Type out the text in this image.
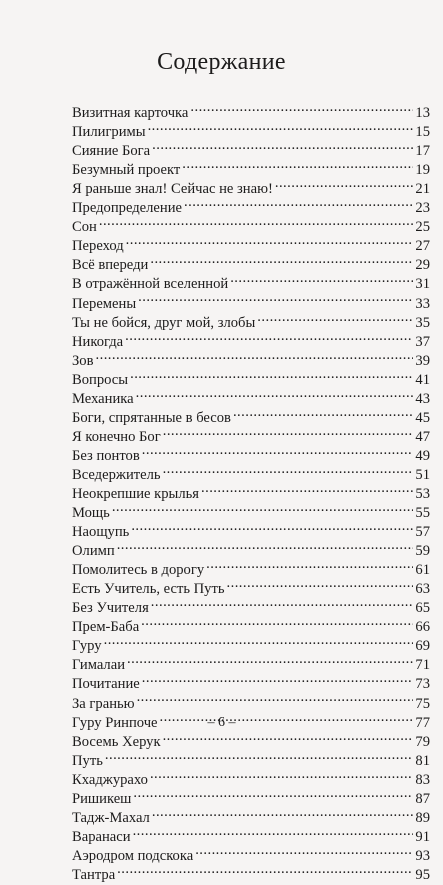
Содержание
Визитная карточка . . .	13
Пилигримы . . .	15
Сияние Бога . . .	17
Безумный проект . . .	19
Я раньше знал! Сейчас не знаю! . . .	21
Предопределение . . .	23
Сон . . .	25
Переход . . .	27
Всё впереди . . .	29
В отражённой вселенной . . .	31
Перемены . . .	33
Ты не бойся, друг мой, злобы . . .	35
Никогда . . .	37
Зов . . .	39
Вопросы . . .	41
Механика . . .	43
Боги, спрятанные в бесов . . .	45
Я конечно Бог . . .	47
Без понтов . . .	49
Вседержитель . . .	51
Неокрепшие крылья . . .	53
Мощь . . .	55
Наощупь . . .	57
Олимп . . .	59
Помолитесь в дорогу . . .	61
Есть Учитель, есть Путь . . .	63
Без Учителя . . .	65
Прем-Баба . . .	66
Гуру . . .	69
Гималаи . . .	71
Почитание . . .	73
За гранью . . .	75
Гуру Ринпоче . . .	77
Восемь Херук . . .	79
Путь . . .	81
Кхаджурахо . . .	83
Ришикеш . . .	87
Тадж-Махал . . .	89
Варанаси . . .	91
Аэродром подскока . . .	93
Тантра . . .	95
– 6 –
